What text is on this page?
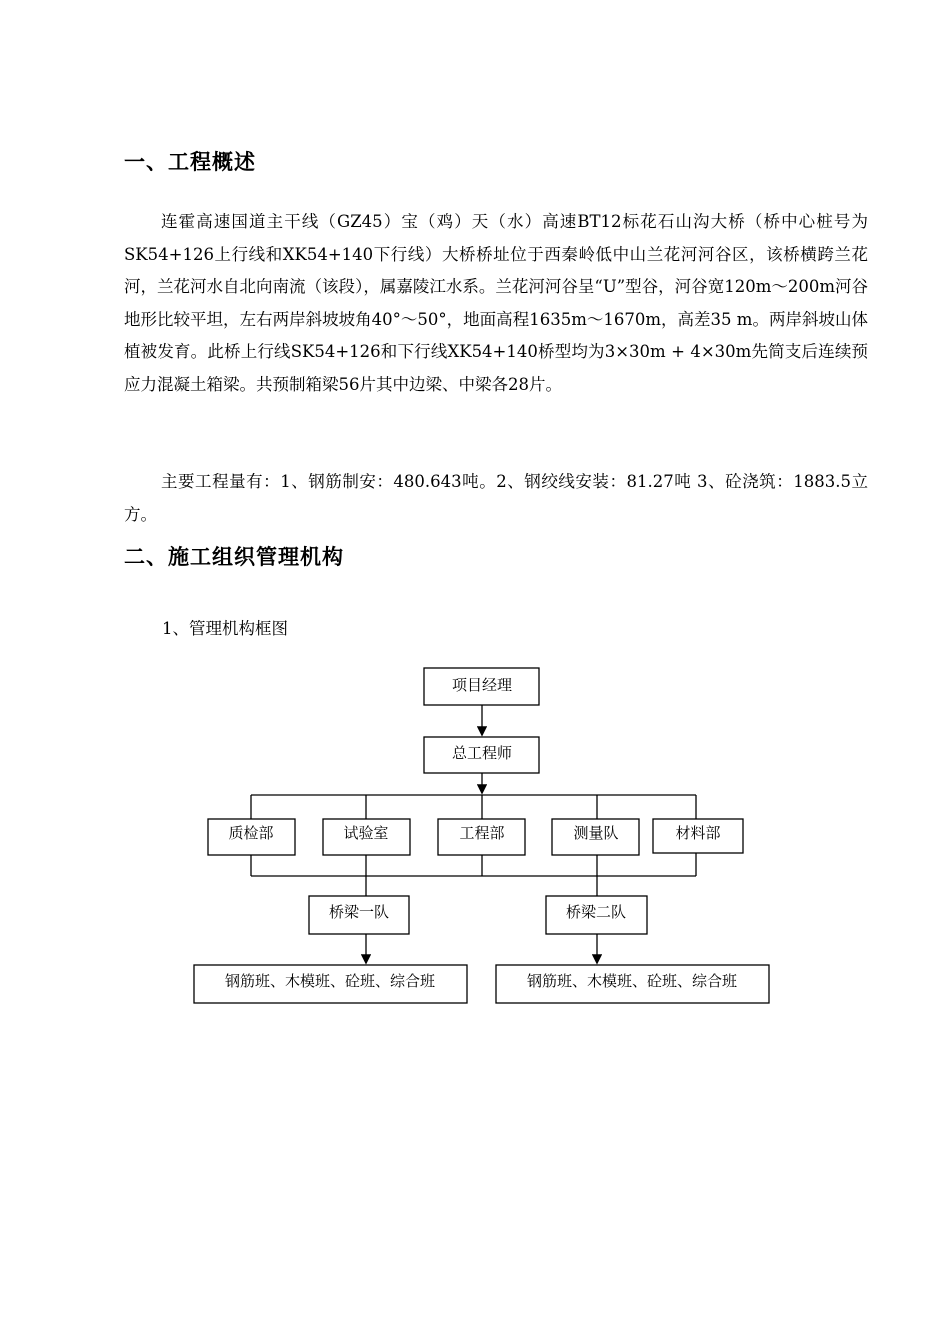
一、工程概述

连霍高速国道主干线（GZ45）宝（鸡）天（水）高速BT12标花石山沟大桥（桥中心桩号为SK54+126上行线和XK54+140下行线）大桥桥址位于西秦岭低中山兰花河河谷区，该桥横跨兰花河，兰花河水自北向南流（该段），属嘉陵江水系。兰花河河谷呈“U”型谷，河谷宽120m～200m河谷地形比较平坦，左右两岸斜坡坡角40°～50°，地面高程1635m～1670m，高差35 m。两岸斜坡山体植被发育。此桥上行线SK54+126和下行线XK54+140桥型均为3×30m + 4×30m先简支后连续预应力混凝土箱梁。共预制箱梁56片其中边梁、中梁各28片。

主要工程量有：1、钢筋制安：480.643吨。2、钢绞线安装：81.27吨 3、砼浇筑：1883.5立方。

二、施工组织管理机构

1、管理机构框图

项目经理
总工程师
质检部	试验室	工程部	测量队	材料部
桥梁一队	桥梁二队
钢筋班、木模班、砼班、综合班	钢筋班、木模班、砼班、综合班
